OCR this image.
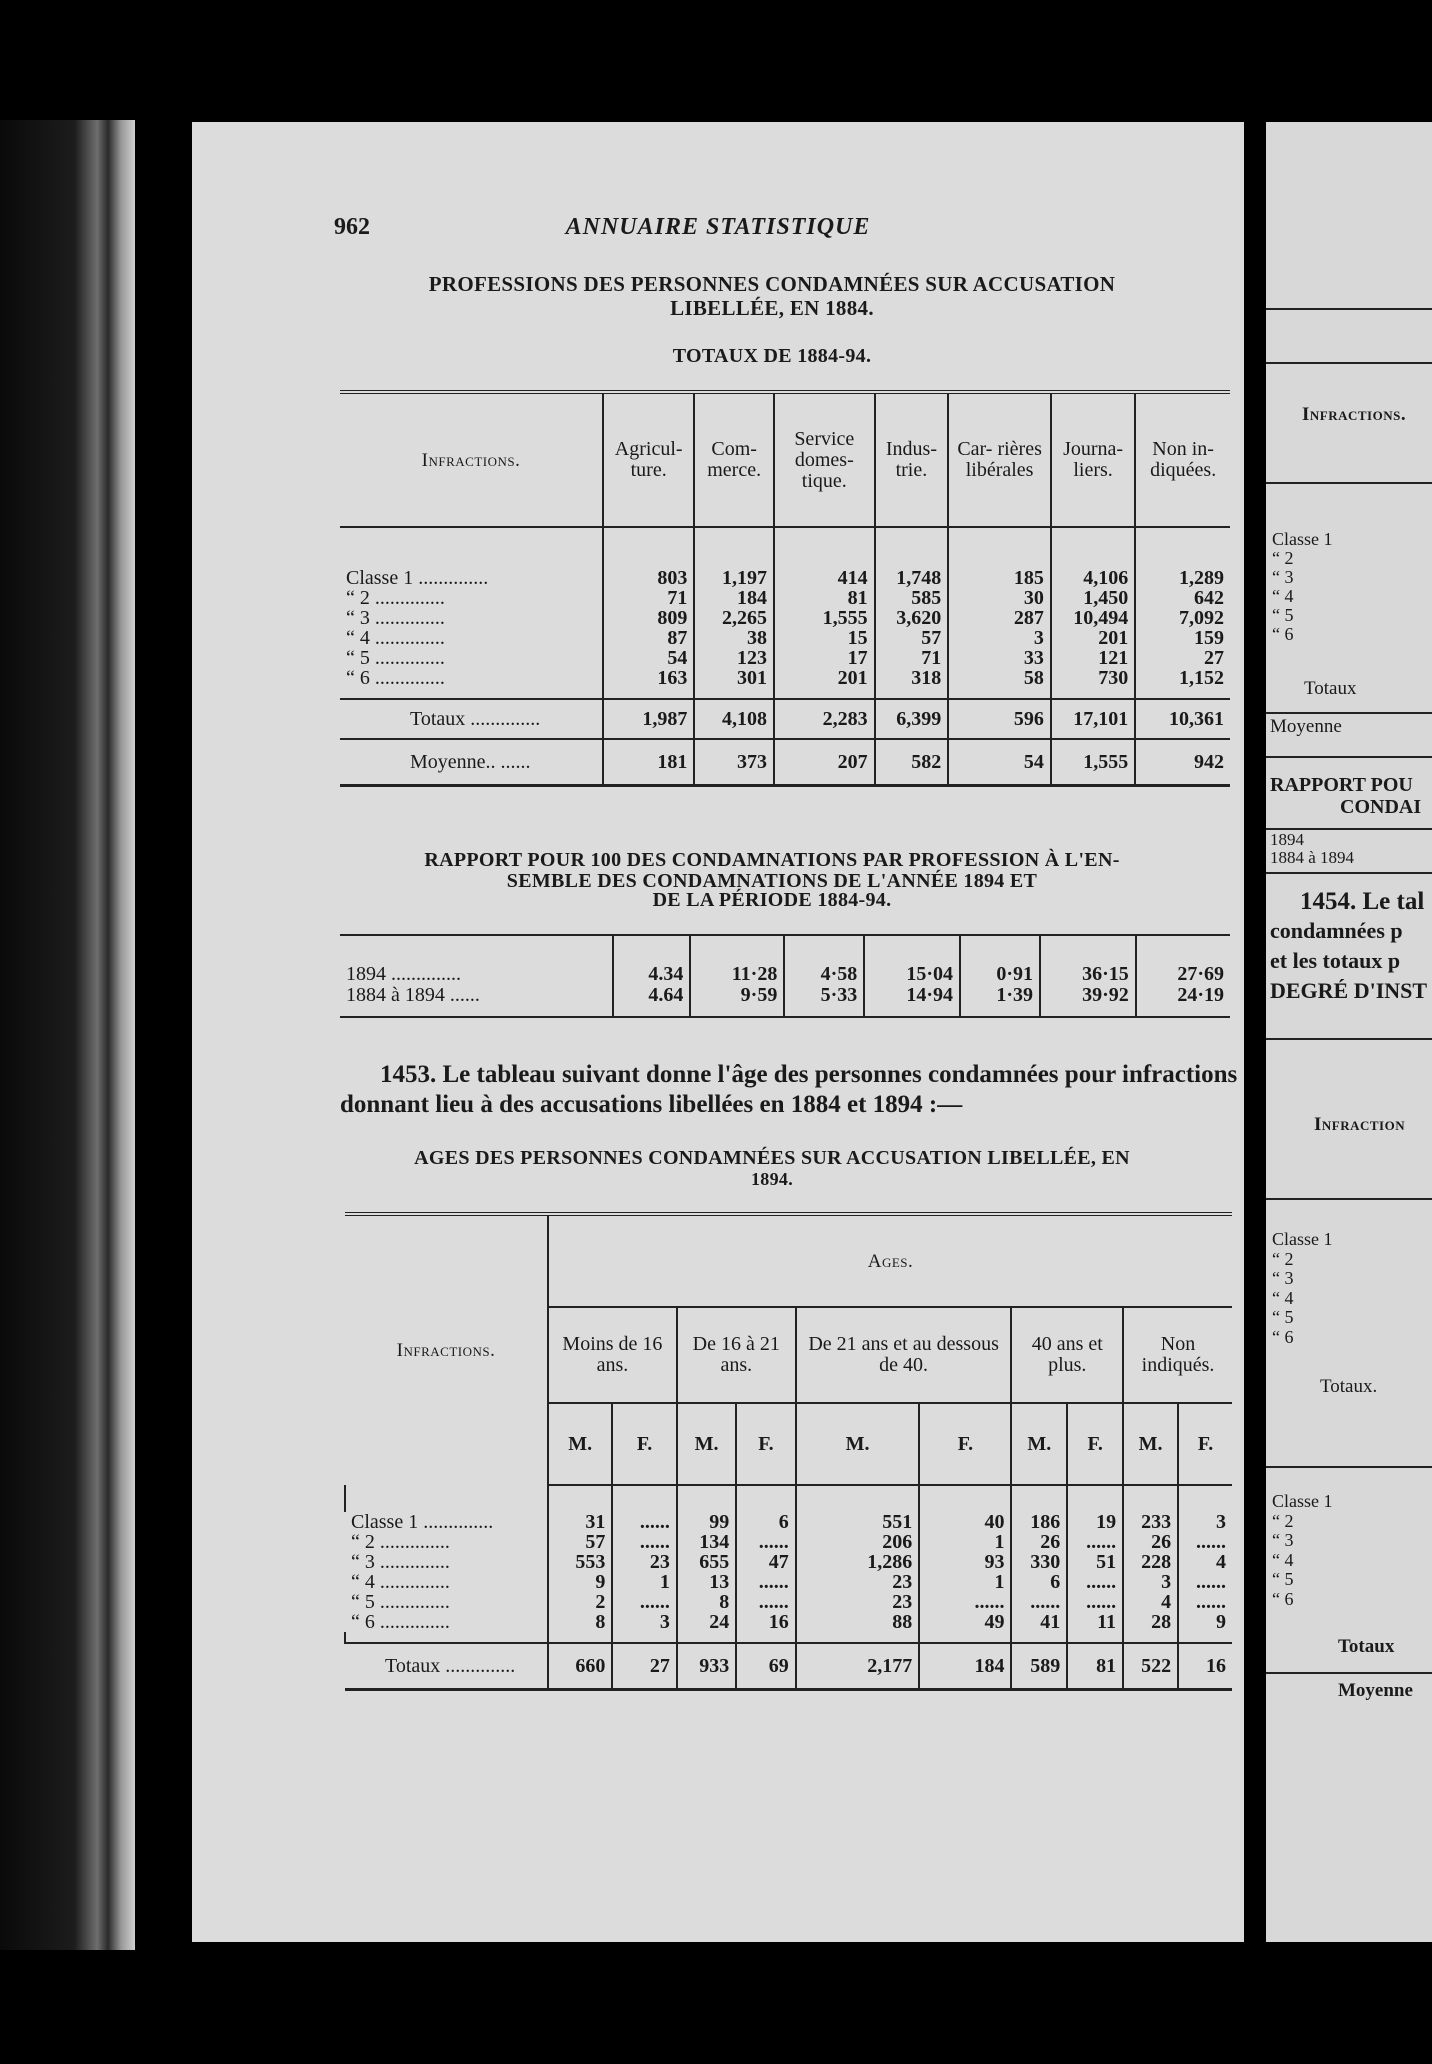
ANNUAIRE STATISTIQUE
962
PROFESSIONS DES PERSONNES CONDAMNÉES SUR ACCUSATION
LIBELLÉE, EN 1884.
TOTAUX DE 1884-94.
Infractions.	Agricul- ture.	Com- merce.	Service domes- tique.	Indus- trie.	Car- rières libérales	Journa- liers.	Non in- diquées.

Classe 1 ..............	803	1,197	414	1,748	185	4,106	1,289
“ 2 ..............	71	184	81	585	30	1,450	642
“ 3 ..............	809	2,265	1,555	3,620	287	10,494	7,092
“ 4 ..............	87	38	15	57	3	201	159
“ 5 ..............	54	123	17	71	33	121	27
“ 6 ..............	163	301	201	318	58	730	1,152

Totaux ..............	1,987	4,108	2,283	6,399	596	17,101	10,361
Moyenne.. ......	181	373	207	582	54	1,555	942
RAPPORT POUR 100 DES CONDAMNATIONS PAR PROFESSION À L'EN-
SEMBLE DES CONDAMNATIONS DE L'ANNÉE 1894 ET
DE LA PÉRIODE 1884-94.
1894 ..............	4.34	11·28	4·58	15·04	0·91	36·15	27·69
1884 à 1894 ......	4.64	9·59	5·33	14·94	1·39	39·92	24·19
1453. Le tableau suivant donne l'âge des personnes condamnées pour infractions donnant lieu à des accusations libellées en 1884 et 1894 :—
AGES DES PERSONNES CONDAMNÉES SUR ACCUSATION LIBELLÉE, EN
1894.
Infractions.	Ages.									
	Moins de 16 ans.		De 16 à 21 ans.		De 21 ans et au dessous de 40.		40 ans et plus.		Non indiqués.	
	M.	F.	M.	F.	M.	F.	M.	F.	M.	F.

Classe 1 ..............	31	......	99	6	551	40	186	19	233	3
“ 2 ..............	57	......	134	......	206	1	26	......	26	......
“ 3 ..............	553	23	655	47	1,286	93	330	51	228	4
“ 4 ..............	9	1	13	......	23	1	6	......	3	......
“ 5 ..............	2	......	8	......	23	......	......	......	4	......
“ 6 ..............	8	3	24	16	88	49	41	11	28	9

Totaux ..............	660	27	933	69	2,177	184	589	81	522	16
Infractions.
Classe 1
“ 2
“ 3
“ 4
“ 5
“ 6
Totaux
Moyenne
RAPPORT POU
CONDAI
1894
1884 à 1894
1454. Le tal
condamnées p
et les totaux p
DEGRÉ D'INST
Infraction
Classe 1
“ 2
“ 3
“ 4
“ 5
“ 6
Totaux.
Classe 1
“ 2
“ 3
“ 4
“ 5
“ 6
Totaux
Moyenne
